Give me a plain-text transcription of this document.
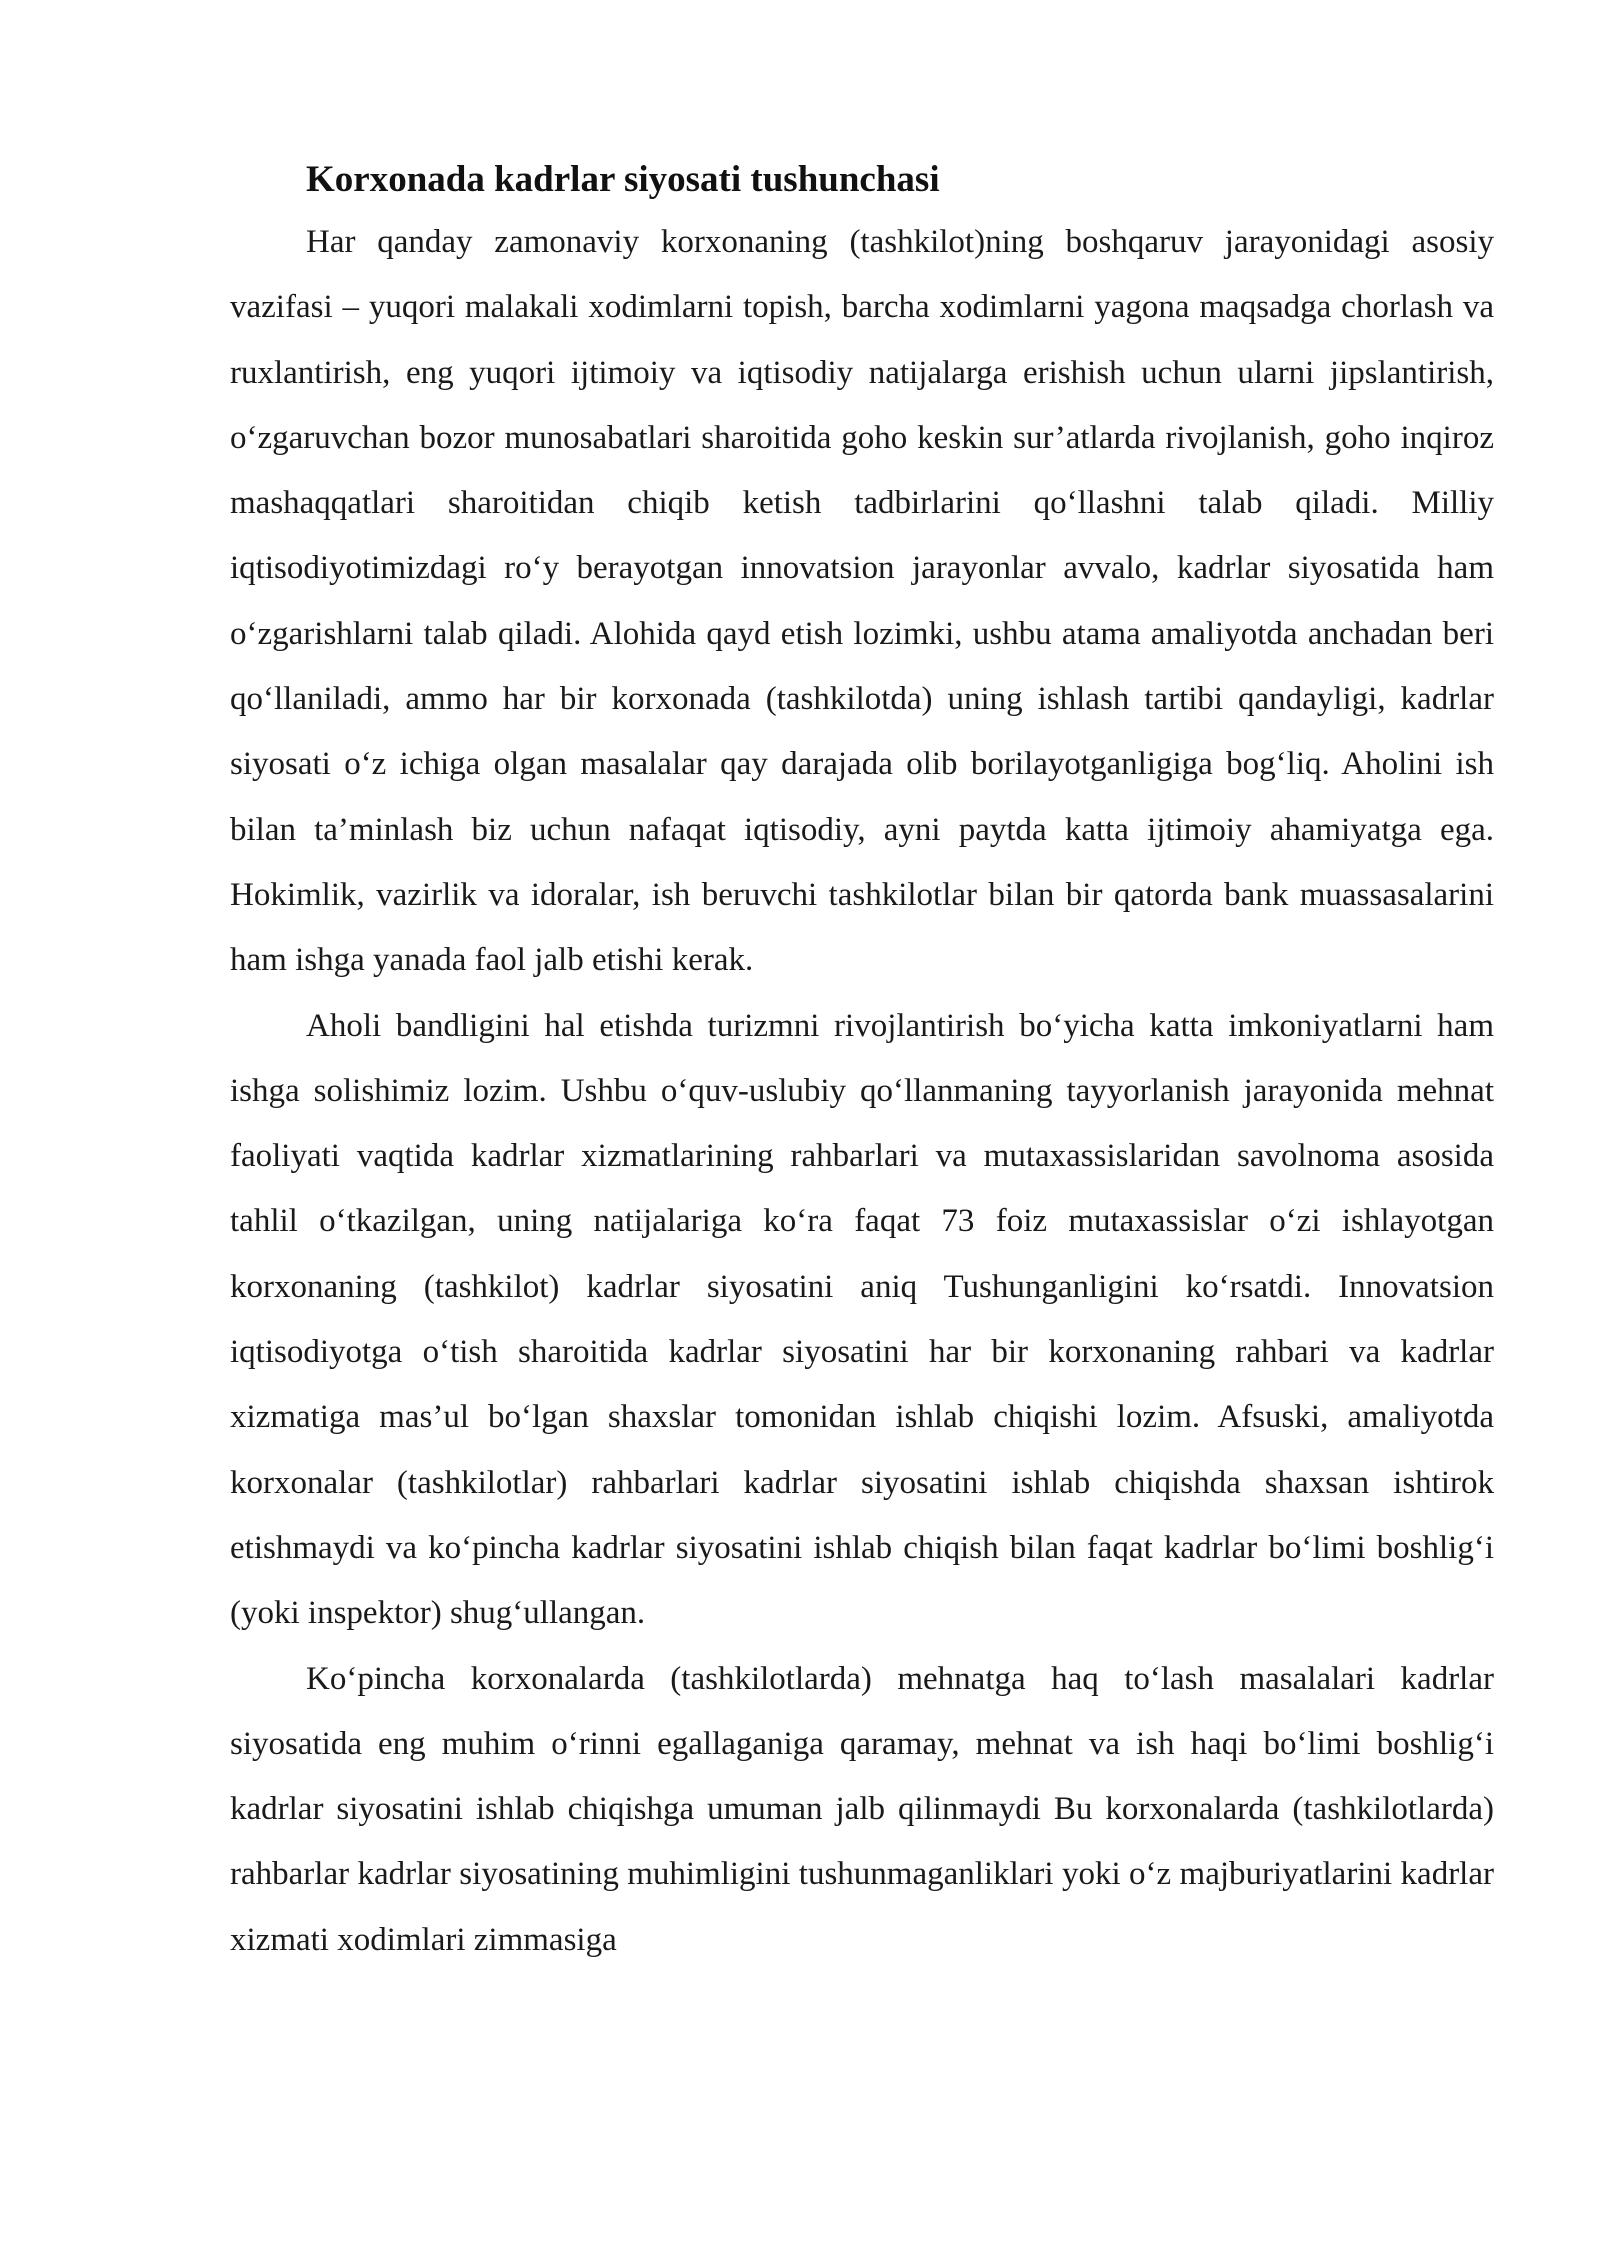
Korxonada kadrlar siyosati tushunchasi

Har qanday zamonaviy korxonaning (tashkilot)ning boshqaruv jarayonidagi asosiy vazifasi – yuqori malakali xodimlarni topish, barcha xodimlarni yagona maqsadga chorlash va ruxlantirish, eng yuqori ijtimoiy va iqtisodiy natijalarga erishish uchun ularni jipslantirish, o‘zgaruvchan bozor munosabatlari sharoitida goho keskin sur’atlarda rivojlanish, goho inqiroz mashaqqatlari sharoitidan chiqib ketish tadbirlarini qo‘llashni talab qiladi. Milliy iqtisodiyotimizdagi ro‘y berayotgan innovatsion jarayonlar avvalo, kadrlar siyosatida ham o‘zgarishlarni talab qiladi. Alohida qayd etish lozimki, ushbu atama amaliyotda anchadan beri qo‘llaniladi, ammo har bir korxonada (tashkilotda) uning ishlash tartibi qandayligi, kadrlar siyosati o‘z ichiga olgan masalalar qay darajada olib borilayotganligiga bog‘liq. Aholini ish bilan ta’minlash biz uchun nafaqat iqtisodiy, ayni paytda katta ijtimoiy ahamiyatga ega. Hokimlik, vazirlik va idoralar, ish beruvchi tashkilotlar bilan bir qatorda bank muassasalarini ham ishga yanada faol jalb etishi kerak.

Aholi bandligini hal etishda turizmni rivojlantirish bo‘yicha katta imkoniyatlarni ham ishga solishimiz lozim. Ushbu o‘quv-uslubiy qo‘llanmaning tayyorlanish jarayonida mehnat faoliyati vaqtida kadrlar xizmatlarining rahbarlari va mutaxassislaridan savolnoma asosida tahlil o‘tkazilgan, uning natijalariga ko‘ra faqat 73 foiz mutaxassislar o‘zi ishlayotgan korxonaning (tashkilot) kadrlar siyosatini aniq Tushunganligini ko‘rsatdi. Innovatsion iqtisodiyotga o‘tish sharoitida kadrlar siyosatini har bir korxonaning rahbari va kadrlar xizmatiga mas’ul bo‘lgan shaxslar tomonidan ishlab chiqishi lozim. Afsuski, amaliyotda korxonalar (tashkilotlar) rahbarlari kadrlar siyosatini ishlab chiqishda shaxsan ishtirok etishmaydi va ko‘pincha kadrlar siyosatini ishlab chiqish bilan faqat kadrlar bo‘limi boshlig‘i (yoki inspektor) shug‘ullangan.

Ko‘pincha korxonalarda (tashkilotlarda) mehnatga haq to‘lash masalalari kadrlar siyosatida eng muhim o‘rinni egallaganiga qaramay, mehnat va ish haqi bo‘limi boshlig‘i kadrlar siyosatini ishlab chiqishga umuman jalb qilinmaydi Bu korxonalarda (tashkilotlarda) rahbarlar kadrlar siyosatining muhimligini tushunmaganliklari yoki o‘z majburiyatlarini kadrlar xizmati xodimlari zimmasiga
